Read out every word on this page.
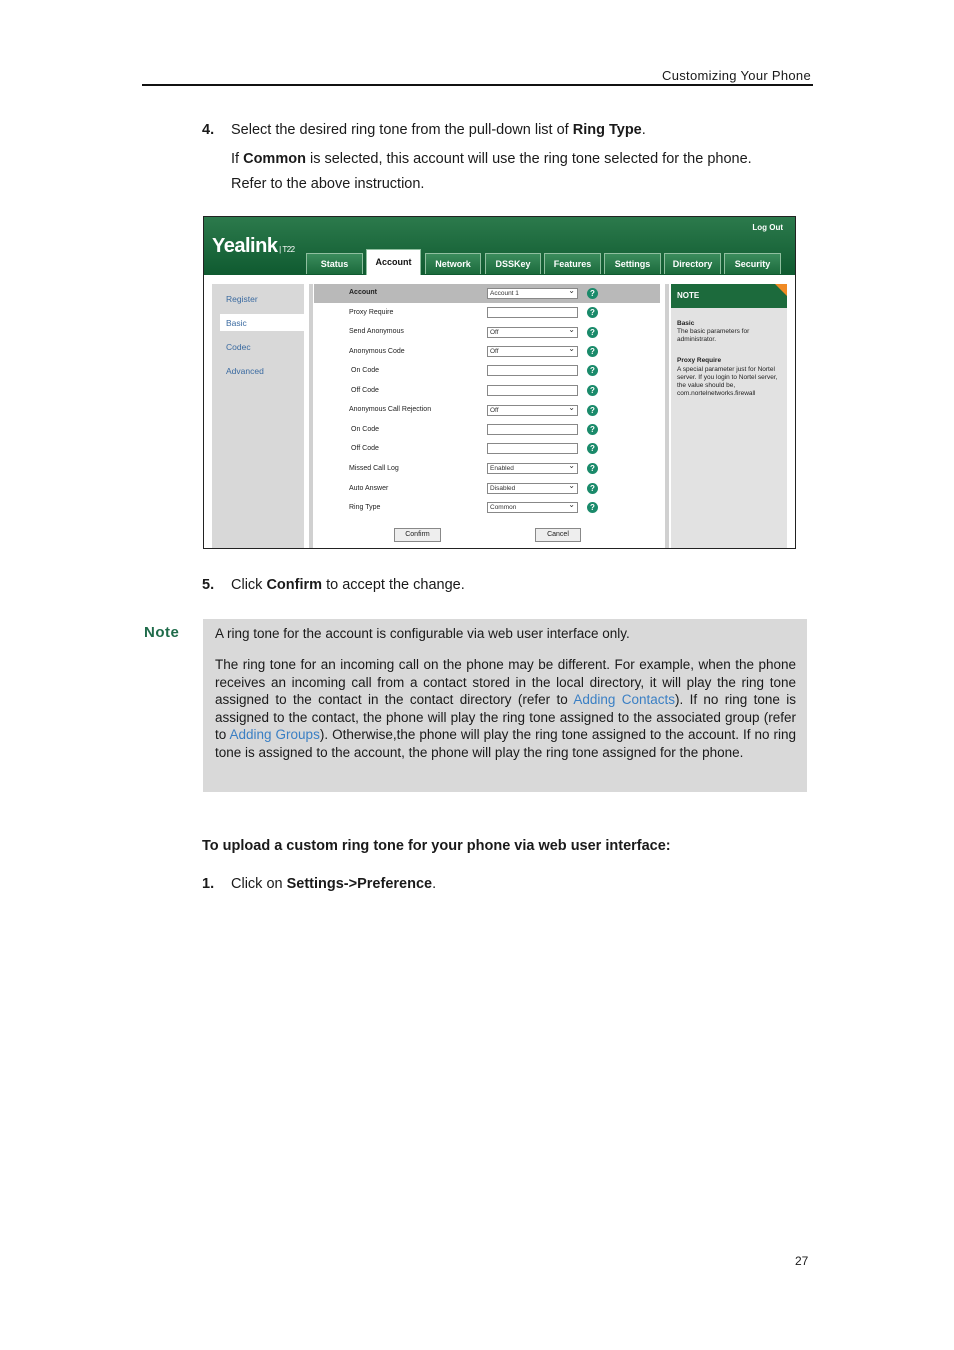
Customizing Your Phone
4. Select the desired ring tone from the pull-down list of Ring Type.
If Common is selected, this account will use the ring tone selected for the phone.
Refer to the above instruction.
Yealink | T22
Log Out
Status	Account	Network	DSSKey	Features	Settings	Directory	Security
Register
Basic
Codec
Advanced
Account	Account 1 ⌄	?
Proxy Require	?
Send Anonymous	Off ⌄	?
Anonymous Code	Off ⌄	?
On Code	?
Off Code	?
Anonymous Call Rejection	Off ⌄	?
On Code	?
Off Code	?
Missed Call Log	Enabled ⌄	?
Auto Answer	Disabled ⌄	?
Ring Type	Common ⌄	?
Confirm	Cancel
NOTE
Basic
The basic parameters for administrator.
Proxy Require
A special parameter just for Nortel server. If you login to Nortel server, the value should be, com.nortelnetworks.firewall
5. Click Confirm to accept the change.
Note	A ring tone for the account is configurable via web user interface only.
The ring tone for an incoming call on the phone may be different. For example, when the phone receives an incoming call from a contact stored in the local directory, it will play the ring tone assigned to the contact in the contact directory (refer to Adding Contacts). If no ring tone is assigned to the contact, the phone will play the ring tone assigned to the associated group (refer to Adding Groups). Otherwise,the phone will play the ring tone assigned to the account. If no ring tone is assigned to the account, the phone will play the ring tone assigned for the phone.
To upload a custom ring tone for your phone via web user interface:
1. Click on Settings->Preference.
27
